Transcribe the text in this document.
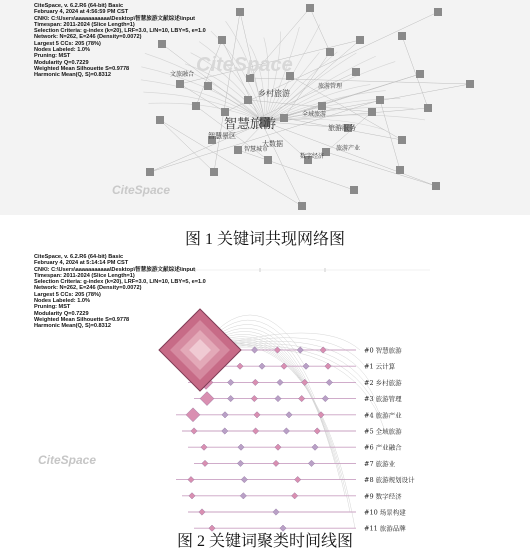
智慧旅游
乡村旅游
旅游服务
智慧景区
大数据
全域旅游
文旅融合
数字经济
旅游管理
智慧城市	旅游产业
CiteSpace
CiteSpace, v. 6.2.R6 (64-bit) Basic
February 4, 2024 at 4:56:59 PM CST
CNKI: C:\Users\aaaaaaaaaaa\Desktop\智慧旅游文献综述\input
Timespan: 2011-2024 (Slice Length=1)
Selection Criteria: g-index (k=20), LRF=3.0, L/N=10, LBY=5, e=1.0
Network: N=262, E=246 (Density=0.0072)
Largest 5 CCs: 205 (78%)
Nodes Labeled: 1.0%
Pruning: MST
Modularity Q=0.7229
Weighted Mean Silhouette S=0.9778
Harmonic Mean(Q, S)=0.8312
CiteSpace
图 1 关键词共现网络图
#0 智慧旅游
#1 云计算
#2 乡村旅游
#3 旅游管理
#4 旅游产业
#5 全域旅游
#6 产业融合
#7 旅游业
#8 旅游规划设计
#9 数字经济
#10 场景构建
#11 旅游品牌
CiteSpace, v. 6.2.R6 (64-bit) Basic
February 4, 2024 at 5:14:14 PM CST
CNKI: C:\Users\aaaaaaaaaaa\Desktop\智慧旅游文献综述\input
Timespan: 2011-2024 (Slice Length=1)
Selection Criteria: g-index (k=20), LRF=3.0, L/N=10, LBY=5, e=1.0
Network: N=262, E=246 (Density=0.0072)
Largest 5 CCs: 205 (78%)
Nodes Labeled: 1.0%
Pruning: MST
Modularity Q=0.7229
Weighted Mean Silhouette S=0.9778
Harmonic Mean(Q, S)=0.8312
CiteSpace
图 2 关键词聚类时间线图
